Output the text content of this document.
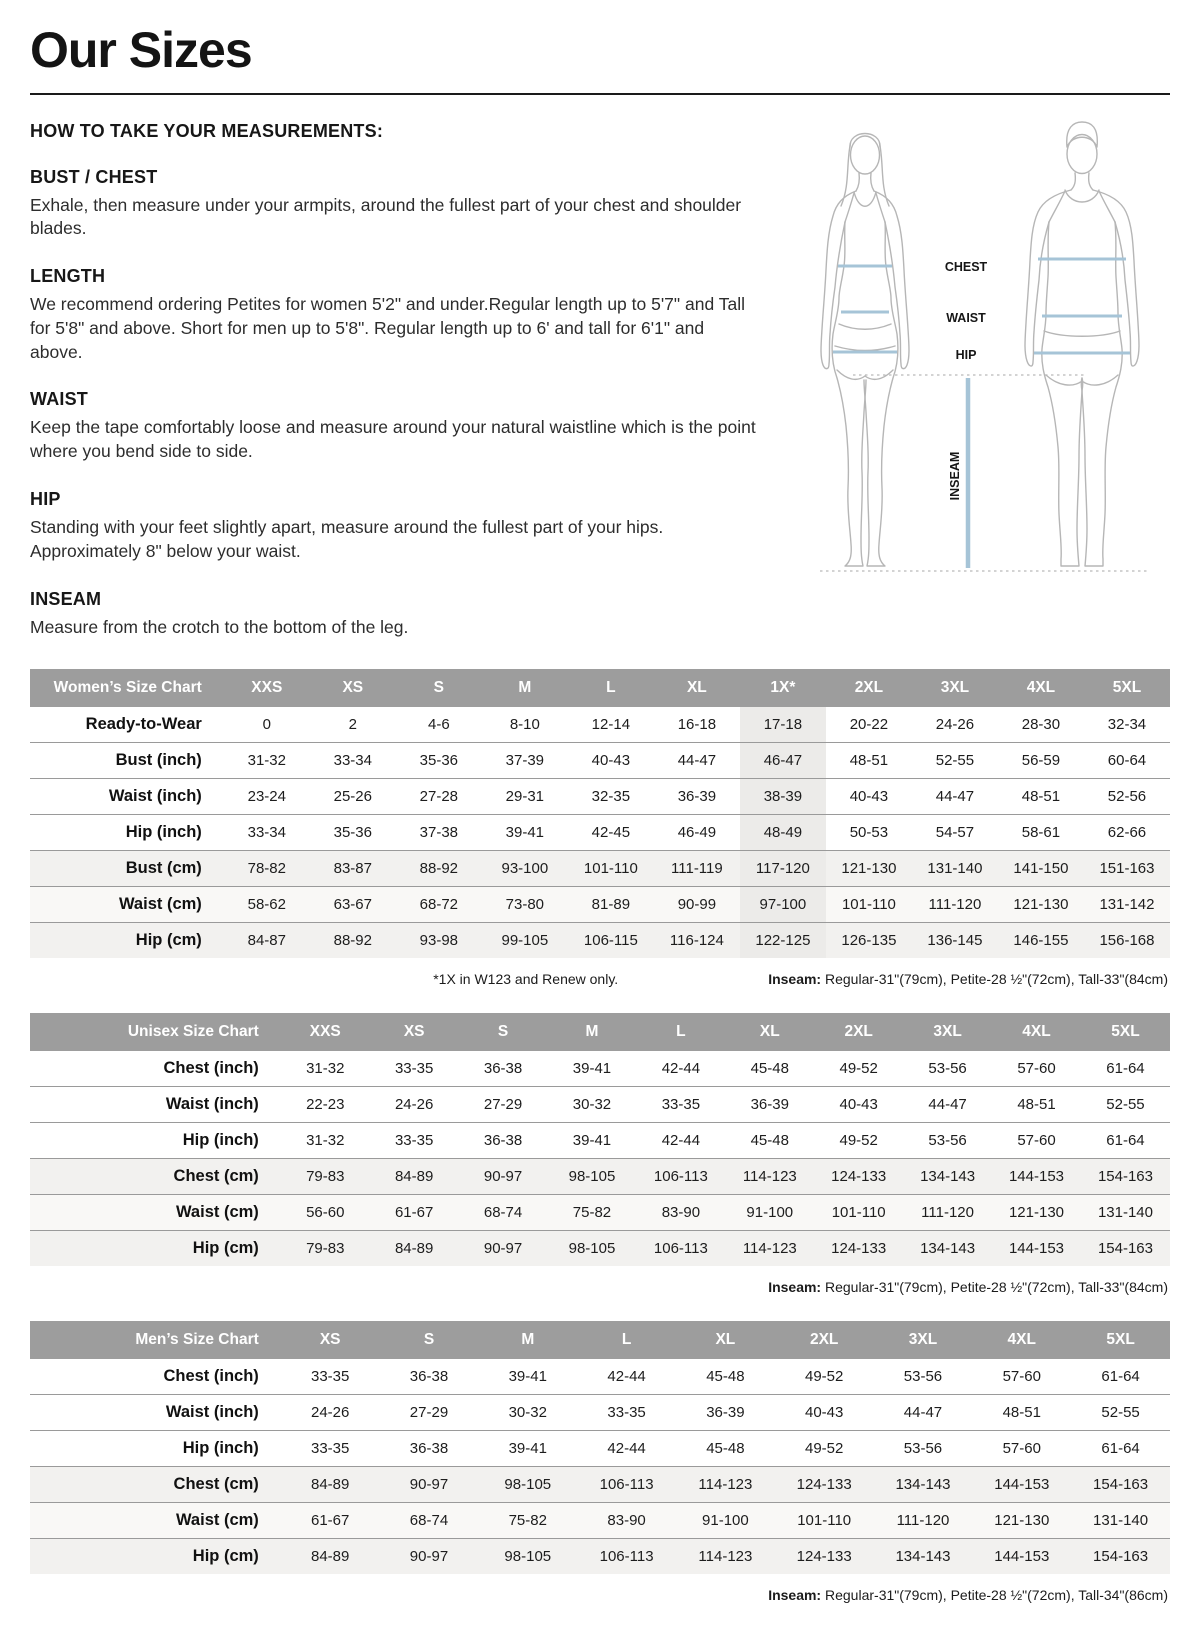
Our Sizes

HOW TO TAKE YOUR MEASUREMENTS:

BUST / CHEST

Exhale, then measure under your armpits, around the fullest part of your chest and shoulder blades.

LENGTH

We recommend ordering Petites for women 5'2" and under.Regular length up to 5'7" and Tall for 5'8" and above. Short for men up to 5'8". Regular length up to 6' and tall for 6'1" and above.

WAIST

Keep the tape comfortably loose and measure around your natural waistline which is the point where you bend side to side.

HIP

Standing with your feet slightly apart, measure around the fullest part of your hips. Approximately 8" below your waist.

INSEAM

Measure from the crotch to the bottom of the leg.

CHEST
WAIST
HIP
INSEAM
Women’s Size Chart	XXS	XS	S	M	L	XL	1X*	2XL	3XL	4XL	5XL
Ready-to-Wear	0	2	4-6	8-10	12-14	16-18	17-18	20-22	24-26	28-30	32-34
Bust (inch)	31-32	33-34	35-36	37-39	40-43	44-47	46-47	48-51	52-55	56-59	60-64
Waist (inch)	23-24	25-26	27-28	29-31	32-35	36-39	38-39	40-43	44-47	48-51	52-56
Hip (inch)	33-34	35-36	37-38	39-41	42-45	46-49	48-49	50-53	54-57	58-61	62-66
Bust (cm)	78-82	83-87	88-92	93-100	101-110	111-119	117-120	121-130	131-140	141-150	151-163
Waist (cm)	58-62	63-67	68-72	73-80	81-89	90-99	97-100	101-110	111-120	121-130	131-142
Hip (cm)	84-87	88-92	93-98	99-105	106-115	116-124	122-125	126-135	136-145	146-155	156-168
*1X in W123 and Renew only.	Inseam: Regular-31"(79cm), Petite-28 ½"(72cm), Tall-33"(84cm)
Unisex Size Chart	XXS	XS	S	M	L	XL	2XL	3XL	4XL	5XL
Chest (inch)	31-32	33-35	36-38	39-41	42-44	45-48	49-52	53-56	57-60	61-64
Waist (inch)	22-23	24-26	27-29	30-32	33-35	36-39	40-43	44-47	48-51	52-55
Hip (inch)	31-32	33-35	36-38	39-41	42-44	45-48	49-52	53-56	57-60	61-64
Chest (cm)	79-83	84-89	90-97	98-105	106-113	114-123	124-133	134-143	144-153	154-163
Waist (cm)	56-60	61-67	68-74	75-82	83-90	91-100	101-110	111-120	121-130	131-140
Hip (cm)	79-83	84-89	90-97	98-105	106-113	114-123	124-133	134-143	144-153	154-163
Inseam: Regular-31"(79cm), Petite-28 ½"(72cm), Tall-33"(84cm)
Men’s Size Chart	XS	S	M	L	XL	2XL	3XL	4XL	5XL
Chest (inch)	33-35	36-38	39-41	42-44	45-48	49-52	53-56	57-60	61-64
Waist (inch)	24-26	27-29	30-32	33-35	36-39	40-43	44-47	48-51	52-55
Hip (inch)	33-35	36-38	39-41	42-44	45-48	49-52	53-56	57-60	61-64
Chest (cm)	84-89	90-97	98-105	106-113	114-123	124-133	134-143	144-153	154-163
Waist (cm)	61-67	68-74	75-82	83-90	91-100	101-110	111-120	121-130	131-140
Hip (cm)	84-89	90-97	98-105	106-113	114-123	124-133	134-143	144-153	154-163
Inseam: Regular-31"(79cm), Petite-28 ½"(72cm), Tall-34"(86cm)
